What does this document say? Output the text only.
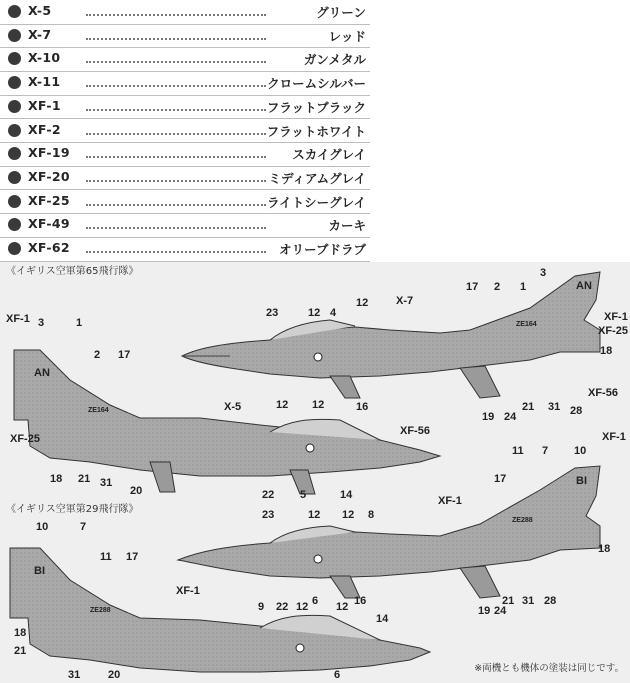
X-5	グリーン
X-7	レッド
X-10	ガンメタル
X-11	クロームシルバー
XF-1	フラットブラック
XF-2	フラットホワイト
XF-19	スカイグレイ
XF-20	ミディアムグレイ
XF-25	ライトシーグレイ
XF-49	カーキ
XF-62	オリーブドラブ
AN
AN
BI
BI
ZE164
ZE164
ZE288
ZE288
3
17 2 1
23	12 4
12	X-7
XF-1
XF-25
18
16
19 24
21 31 28
XF-56
XF-1 3	1
2 17
XF-25
18 21 31
20
X-5	12 12
XF-56
22 5	14
《イギリス空軍第65飛行隊》
《イギリス空軍第29飛行隊》
11 7 10
XF-1
XF-1
17
23	12 12 8
18
6	16
19 24
21 31 28
10	7
11 17
XF-1
18
21
31	20
9 22 12	12
14
6
※両機とも機体の塗装は同じです。
